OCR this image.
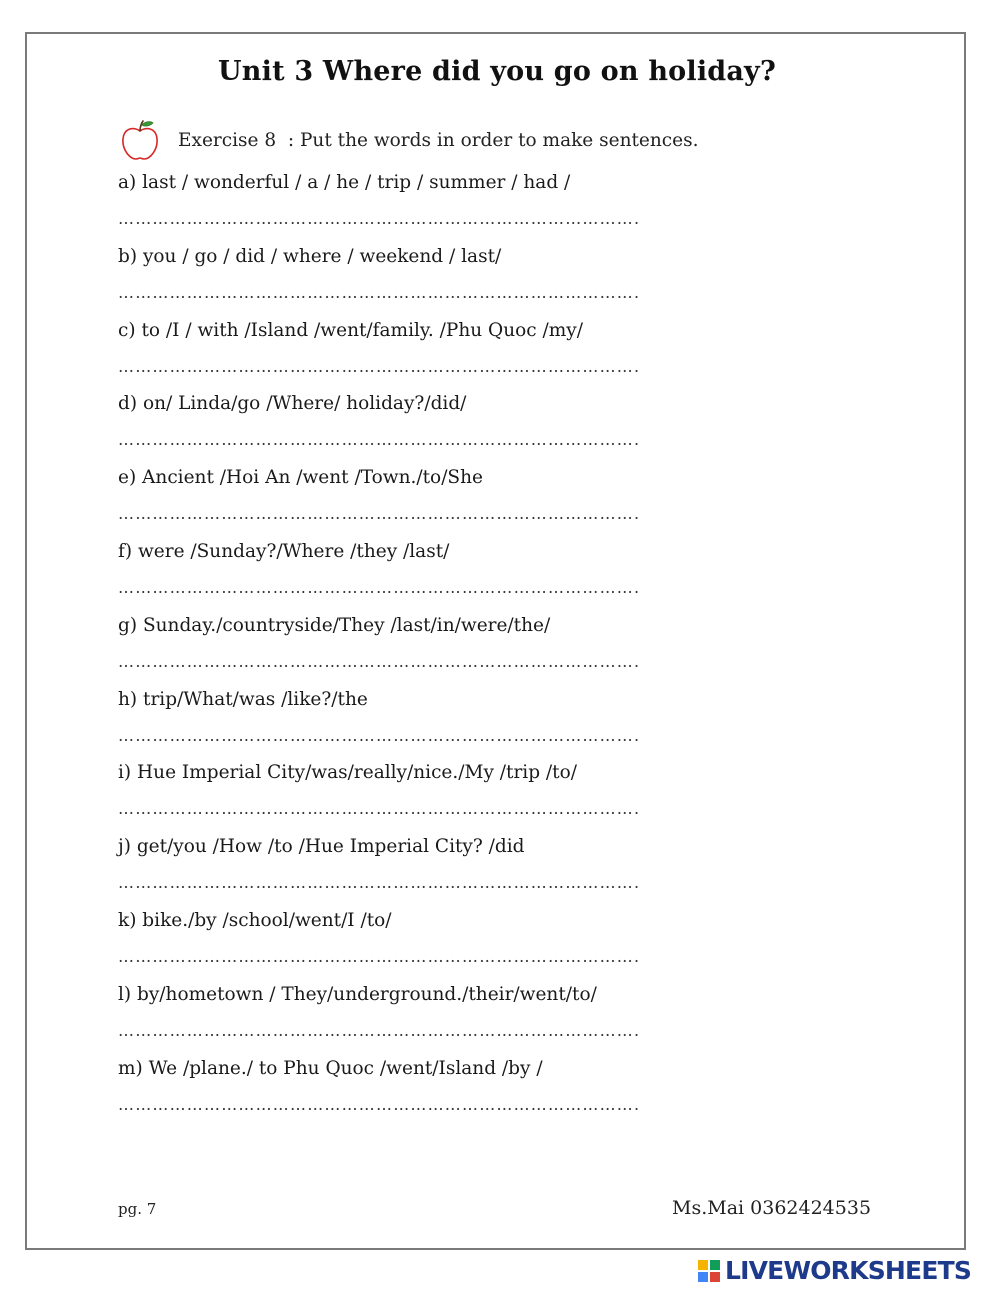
Unit 3 Where did you go on holiday?
Exercise 8  : Put the words in order to make sentences.
a) last / wonderful / a / he / trip / summer / had /
……………………………………………………………………………….
b) you / go / did / where / weekend / last/
……………………………………………………………………………….
c) to /I / with /Island /went/family. /Phu Quoc /my/
……………………………………………………………………………….
d) on/ Linda/go /Where/ holiday?/did/
……………………………………………………………………………….
e) Ancient /Hoi An /went /Town./to/She
……………………………………………………………………………….
f) were /Sunday?/Where /they /last/
……………………………………………………………………………….
g) Sunday./countryside/They /last/in/were/the/
……………………………………………………………………………….
h) trip/What/was /like?/the
……………………………………………………………………………….
i) Hue Imperial City/was/really/nice./My /trip /to/
……………………………………………………………………………….
j) get/you /How /to /Hue Imperial City? /did
……………………………………………………………………………….
k) bike./by /school/went/I /to/
……………………………………………………………………………….
l) by/hometown / They/underground./their/went/to/
……………………………………………………………………………….
m) We /plane./ to Phu Quoc /went/Island /by /
……………………………………………………………………………….
pg. 7	Ms.Mai 0362424535
LIVEWORKSHEETS
